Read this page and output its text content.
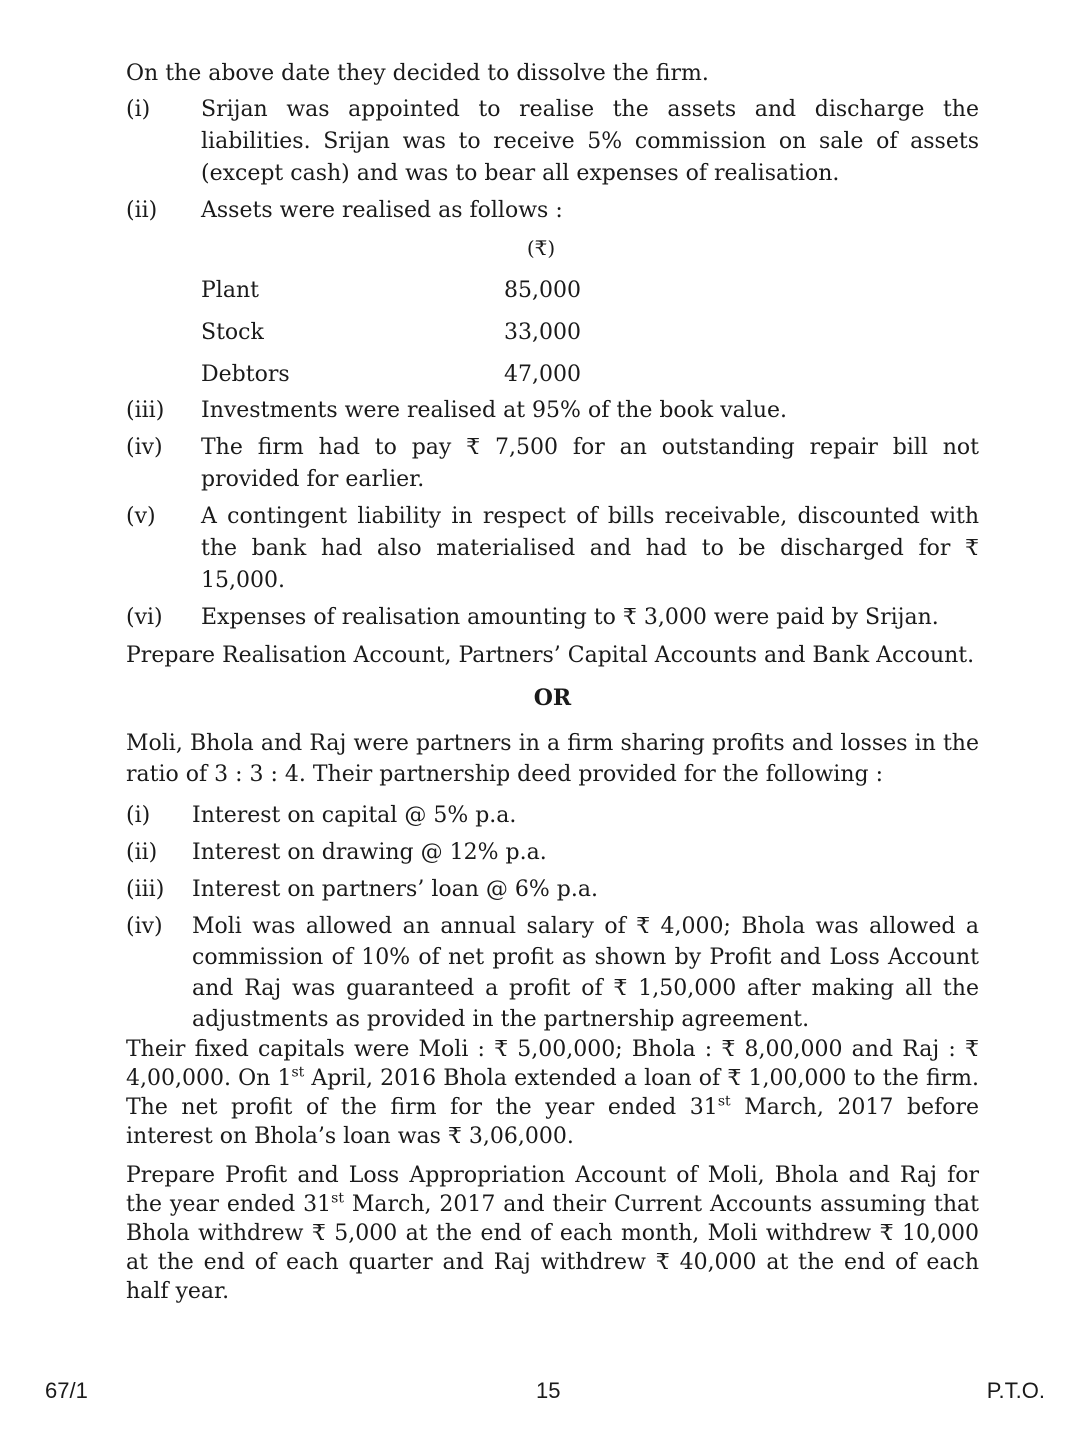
On the above date they decided to dissolve the firm.

(i)	Srijan was appointed to realise the assets and discharge the liabilities. Srijan was to receive 5% commission on sale of assets (except cash) and was to bear all expenses of realisation.
(ii)	Assets were realised as follows :
	(₹)
Plant	85,000
Stock	33,000
Debtors	47,000
(iii)	Investments were realised at 95% of the book value.
(iv)	The firm had to pay ₹ 7,500 for an outstanding repair bill not provided for earlier.
(v)	A contingent liability in respect of bills receivable, discounted with the bank had also materialised and had to be discharged for ₹ 15,000.
(vi)	Expenses of realisation amounting to ₹ 3,000 were paid by Srijan.

Prepare Realisation Account, Partners’ Capital Accounts and Bank Account.

OR

Moli, Bhola and Raj were partners in a firm sharing profits and losses in the ratio of 3 : 3 : 4. Their partnership deed provided for the following :

(i)	Interest on capital @ 5% p.a.
(ii)	Interest on drawing @ 12% p.a.
(iii)	Interest on partners’ loan @ 6% p.a.
(iv)	Moli was allowed an annual salary of ₹ 4,000; Bhola was allowed a commission of 10% of net profit as shown by Profit and Loss Account and Raj was guaranteed a profit of ₹ 1,50,000 after making all the adjustments as provided in the partnership agreement.

Their fixed capitals were Moli : ₹ 5,00,000; Bhola : ₹ 8,00,000 and Raj : ₹ 4,00,000. On 1st April, 2016 Bhola extended a loan of ₹ 1,00,000 to the firm. The net profit of the firm for the year ended 31st March, 2017 before interest on Bhola’s loan was ₹ 3,06,000.

Prepare Profit and Loss Appropriation Account of Moli, Bhola and Raj for the year ended 31st March, 2017 and their Current Accounts assuming that Bhola withdrew ₹ 5,000 at the end of each month, Moli withdrew ₹ 10,000 at the end of each quarter and Raj withdrew ₹ 40,000 at the end of each half year.

67/1	15	P.T.O.
